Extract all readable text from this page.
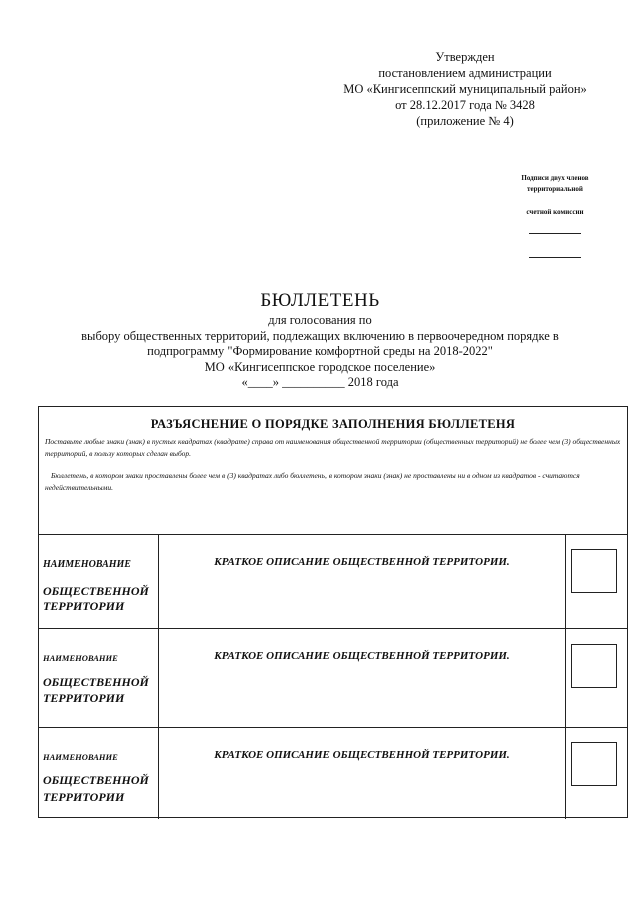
Утвержден
постановлением администрации
МО «Кингисеппский муниципальный район»
от 28.12.2017 года № 3428
(приложение № 4)
Подписи двух членов
территориальной
счетной комиссии
БЮЛЛЕТЕНЬ
для голосования по
выбору общественных территорий, подлежащих включению в первоочередном порядке в
подпрограмму "Формирование комфортной среды на 2018-2022"
МО «Кингисеппское городское поселение»
«____» __________ 2018 года
РАЗЪЯСНЕНИЕ О ПОРЯДКЕ ЗАПОЛНЕНИЯ БЮЛЛЕТЕНЯ

Поставьте любые знаки (знак) в пустых квадратах (квадрате) справа от наименования общественной территории (общественных территорий) не более чем (3) общественных территорий, в пользу которых сделан выбор.

Бюллетень, в котором знаки проставлены более чем в (3) квадратах либо бюллетень, в котором знаки (знак) не проставлены ни в одном из квадратов - считаются недействительными.

НАИМЕНОВАНИЕ
ОБЩЕСТВЕННОЙ
ТЕРРИТОРИИ
КРАТКОЕ ОПИСАНИЕ ОБЩЕСТВЕННОЙ ТЕРРИТОРИИ.
НАИМЕНОВАНИЕ
ОБЩЕСТВЕННОЙ
ТЕРРИТОРИИ
КРАТКОЕ ОПИСАНИЕ ОБЩЕСТВЕННОЙ ТЕРРИТОРИИ.
НАИМЕНОВАНИЕ
ОБЩЕСТВЕННОЙ
ТЕРРИТОРИИ
КРАТКОЕ ОПИСАНИЕ ОБЩЕСТВЕННОЙ ТЕРРИТОРИИ.
